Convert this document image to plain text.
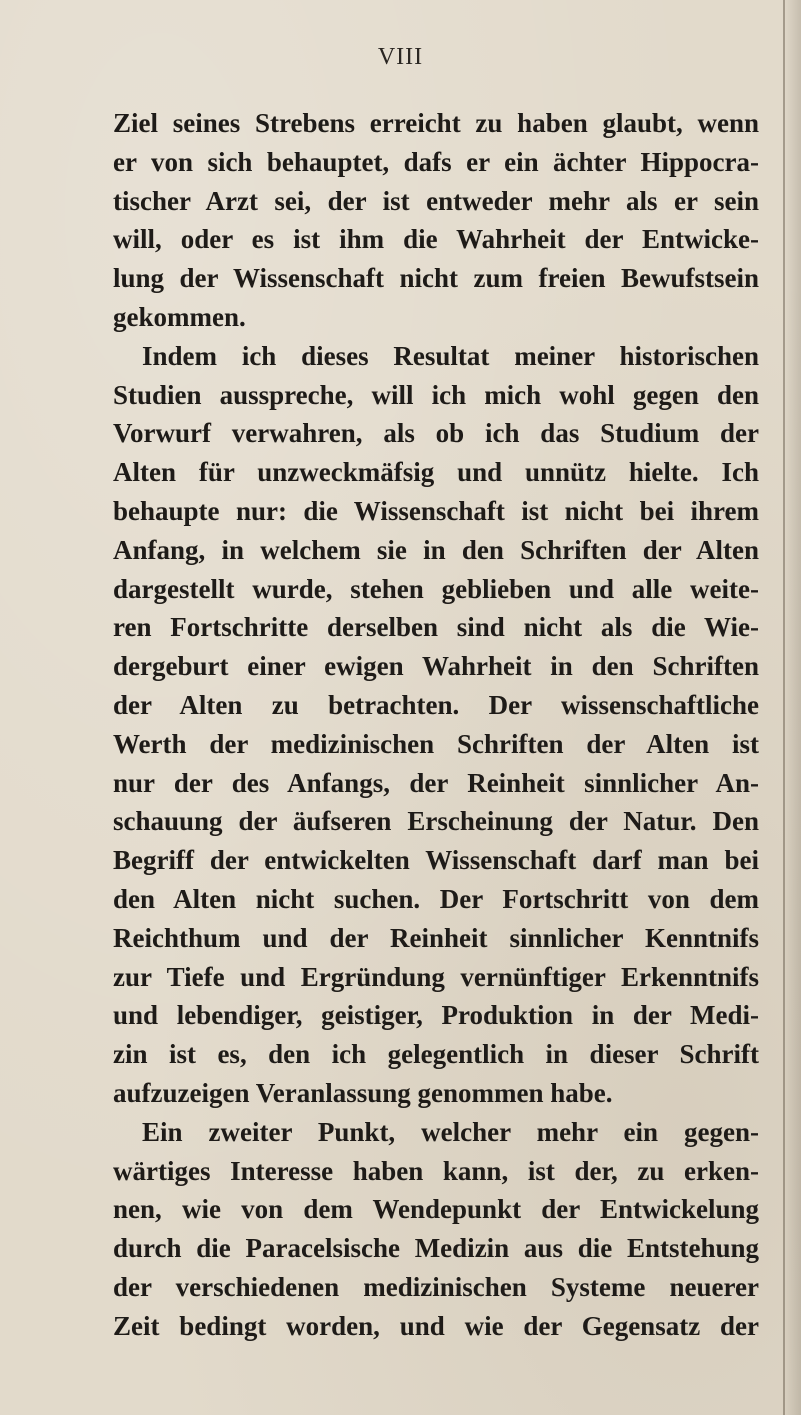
VIII
Ziel seines Strebens erreicht zu haben glaubt, wenn
er von sich behauptet, dafs er ein ächter Hippocra-
tischer Arzt sei, der ist entweder mehr als er sein
will, oder es ist ihm die Wahrheit der Entwicke-
lung der Wissenschaft nicht zum freien Bewufstsein
gekommen.
Indem ich dieses Resultat meiner historischen
Studien ausspreche, will ich mich wohl gegen den
Vorwurf verwahren, als ob ich das Studium der
Alten für unzweckmäfsig und unnütz hielte. Ich
behaupte nur: die Wissenschaft ist nicht bei ihrem
Anfang, in welchem sie in den Schriften der Alten
dargestellt wurde, stehen geblieben und alle weite-
ren Fortschritte derselben sind nicht als die Wie-
dergeburt einer ewigen Wahrheit in den Schriften
der Alten zu betrachten. Der wissenschaftliche
Werth der medizinischen Schriften der Alten ist
nur der des Anfangs, der Reinheit sinnlicher An-
schauung der äufseren Erscheinung der Natur. Den
Begriff der entwickelten Wissenschaft darf man bei
den Alten nicht suchen. Der Fortschritt von dem
Reichthum und der Reinheit sinnlicher Kenntnifs
zur Tiefe und Ergründung vernünftiger Erkenntnifs
und lebendiger, geistiger, Produktion in der Medi-
zin ist es, den ich gelegentlich in dieser Schrift
aufzuzeigen Veranlassung genommen habe.
Ein zweiter Punkt, welcher mehr ein gegen-
wärtiges Interesse haben kann, ist der, zu erken-
nen, wie von dem Wendepunkt der Entwickelung
durch die Paracelsische Medizin aus die Entstehung
der verschiedenen medizinischen Systeme neuerer
Zeit bedingt worden, und wie der Gegensatz der
